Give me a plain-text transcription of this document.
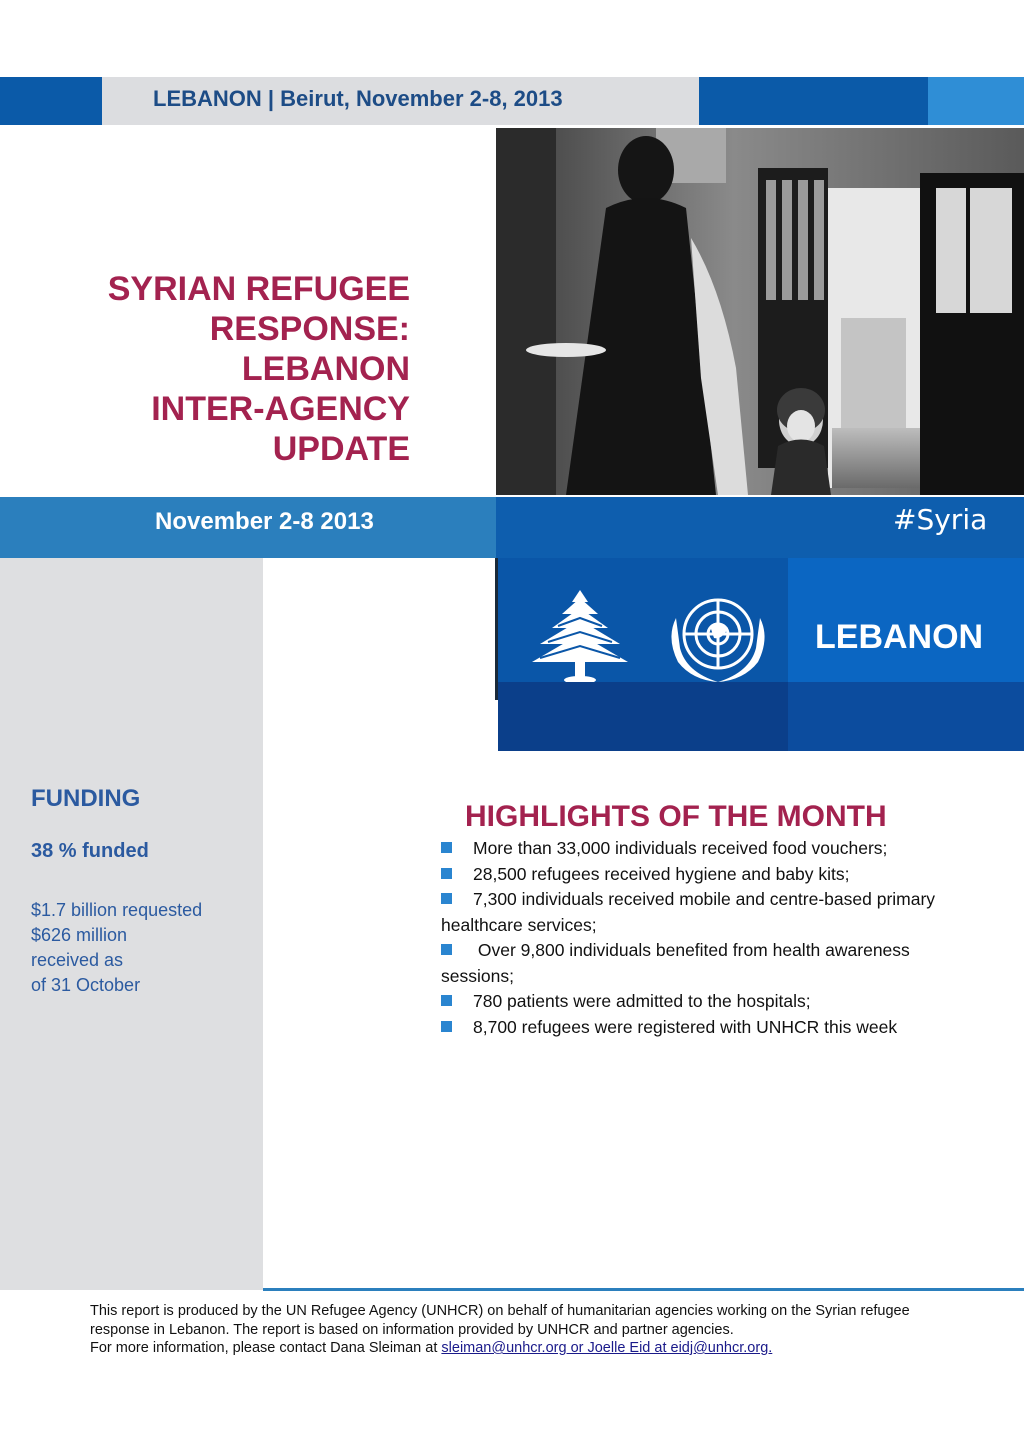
LEBANON | Beirut, November 2-8, 2013
SYRIAN REFUGEE
RESPONSE:
LEBANON
INTER-AGENCY
UPDATE
November 2-8 2013	#Syria
LEBANON
FUNDING
38 % funded
$1.7 billion requested
$626 million
received as
of 31 October
HIGHLIGHTS OF THE MONTH
More than 33,000 individuals received food vouchers;
28,500 refugees received hygiene and baby kits;
7,300 individuals received mobile and centre-based primary healthcare services;
Over 9,800 individuals benefited from health awareness sessions;
780 patients were admitted to the hospitals;
8,700 refugees were registered with UNHCR this week
This report is produced by the UN Refugee Agency (UNHCR) on behalf of humanitarian agencies working on the Syrian refugee response in Lebanon. The report is based on information provided by UNHCR and partner agencies.
For more information, please contact Dana Sleiman at sleiman@unhcr.org or Joelle Eid at eidj@unhcr.org.
